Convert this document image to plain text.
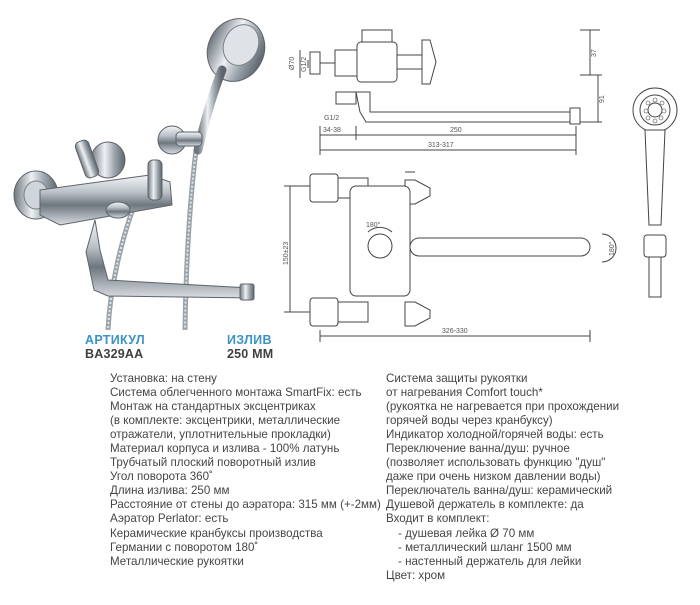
Ø70 G1/2
G1/2
37
91
34-38	250
313-317
150±23
326-330
180°
180°
АРТИКУЛ
BA329AA
ИЗЛИВ
250 ММ
Установка: на стену
Система облегченного монтажа SmartFix: есть
Монтаж на стандартных эксцентриках
(в комплекте: эксцентрики, металлические
отражатели, уплотнительные прокладки)
Материал корпуса и излива - 100% латунь
Трубчатый плоский поворотный излив
Угол поворота 360˚
Длина излива: 250 мм
Расстояние от стены до аэратора: 315 мм (+-2мм)
Аэратор Perlator: есть
Керамические кранбуксы производства
Германии с поворотом 180˚
Металлические рукоятки
Система защиты рукоятки
от нагревания Comfort touch*
(рукоятка не нагревается при прохождении
горячей воды через кранбуксу)
Индикатор холодной/горячей воды: есть
Переключение ванна/душ: ручное
(позволяет использовать функцию "душ"
даже при очень низком давлении воды)
Переключатель ванна/душ: керамический
Душевой держатель в комплекте: да
Входит в комплект:
- душевая лейка Ø 70 мм
- металлический шланг 1500 мм
- настенный держатель для лейки
Цвет: хром
